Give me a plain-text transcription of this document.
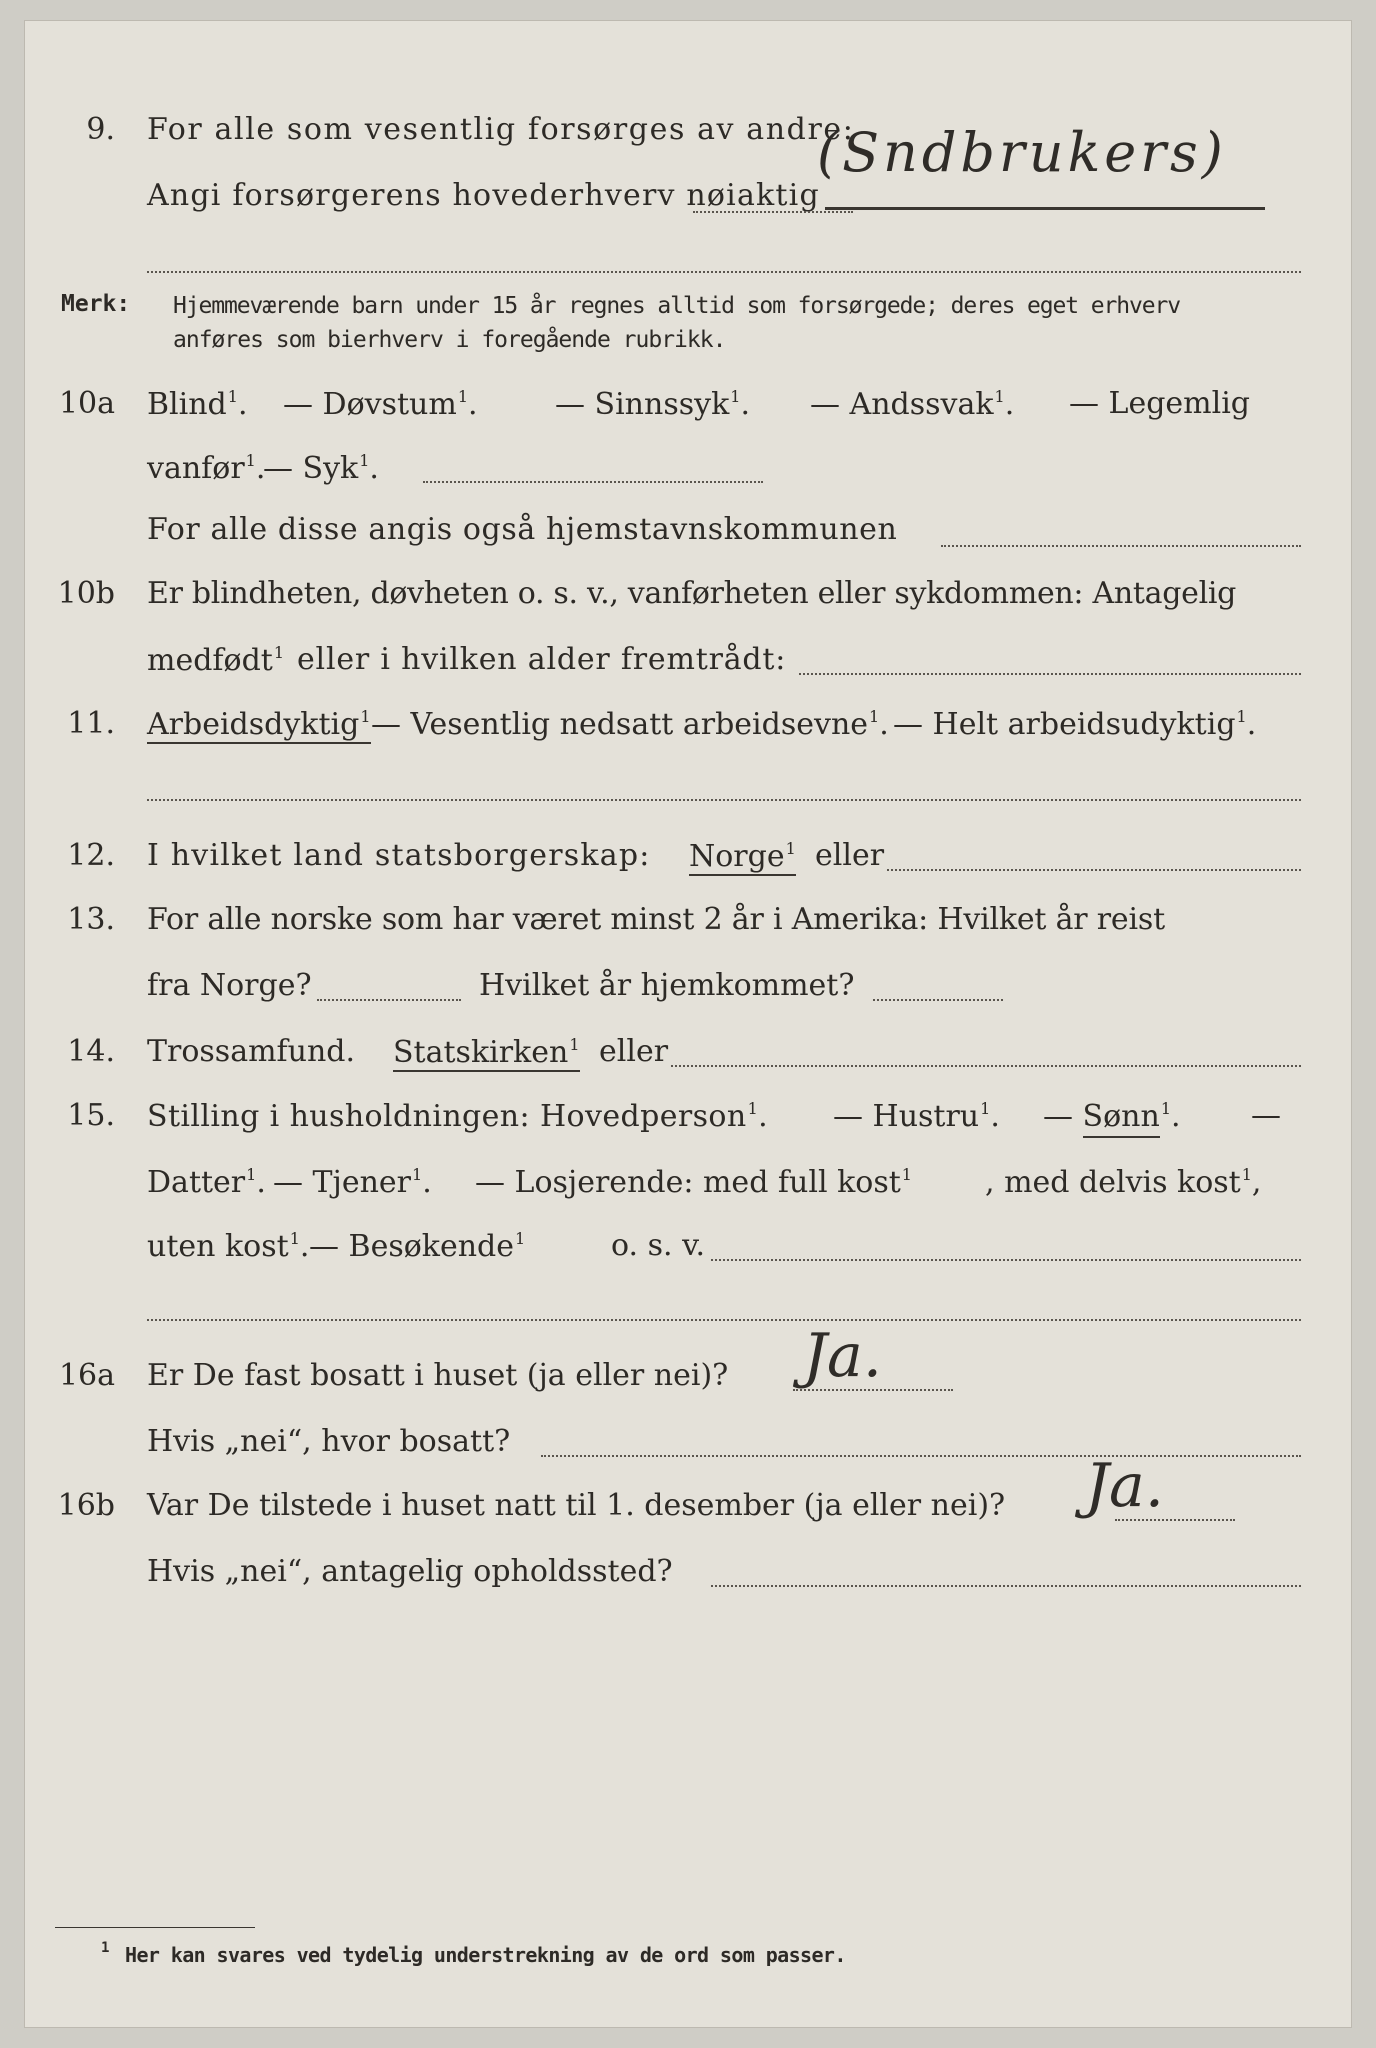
9. For alle som vesentlig forsørges av andre:
Angi forsørgerens hovederhverv nøiaktig
(Sndbrukers)
Merk: Hjemmeværende barn under 15 år regnes alltid som forsørgede; deres eget erhverv
anføres som bierhverv i foregående rubrikk.
10a Blind$^1$. — Døvstum$^1$.	— Sinnssyk$^1$. — Andssvak$^1$. — Legemlig
vanfør$^1$.
— Syk$^1$.
For alle disse angis også hjemstavnskommunen
10b Er blindheten, døvheten o. s. v., vanførheten eller sykdommen: Antagelig
medfødt$^1$ eller i hvilken alder fremtrådt:
11. Arbeidsdyktig$^1$ — Vesentlig nedsatt arbeidsevne$^1$. — Helt arbeidsudyktig$^1$.
12. I hvilket land statsborgerskap: Norge$^1$ eller
13. For alle norske som har været minst 2 år i Amerika: Hvilket år reist
fra Norge?	Hvilket år hjemkommet?
14. Trossamfund. Statskirken$^1$ eller
15. Stilling i husholdningen: Hovedperson$^1$. — Hustru$^1$. — Sønn$^1$. —
Datter$^1$. — Tjener$^1$. — Losjerende: med full kost$^1$ , med delvis kost$^1$,
uten kost$^1$. — Besøkende$^1$	o. s. v.
16a Er De fast bosatt i huset (ja eller nei)? Ja.
Hvis „nei“, hvor bosatt?
16b Var De tilstede i huset natt til 1. desember (ja eller nei)? Ja.
Hvis „nei“, antagelig opholdssted?
1 Her kan svares ved tydelig understrekning av de ord som passer.
